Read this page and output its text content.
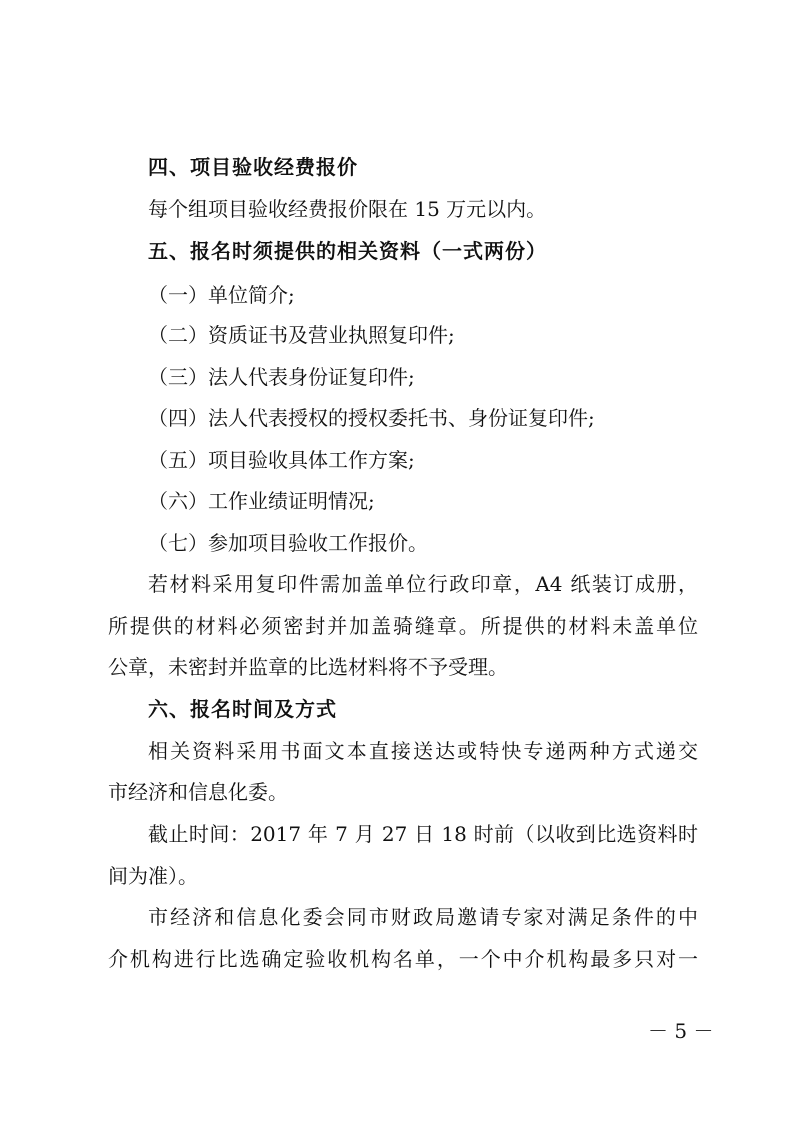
四、项目验收经费报价
每个组项目验收经费报价限在 15 万元以内。
五、报名时须提供的相关资料（一式两份）
（一）单位简介;
（二）资质证书及营业执照复印件;
（三）法人代表身份证复印件;
（四）法人代表授权的授权委托书、身份证复印件;
（五）项目验收具体工作方案;
（六）工作业绩证明情况;
（七）参加项目验收工作报价。
若材料采用复印件需加盖单位行政印章，A4 纸装订成册，
所提供的材料必须密封并加盖骑缝章。所提供的材料未盖单位
公章，未密封并监章的比选材料将不予受理。
六、报名时间及方式
相关资料采用书面文本直接送达或特快专递两种方式递交
市经济和信息化委。
截止时间：2017 年 7 月 27 日 18 时前（以收到比选资料时
间为准）。
市经济和信息化委会同市财政局邀请专家对满足条件的中
介机构进行比选确定验收机构名单，一个中介机构最多只对一
－ 5 －
